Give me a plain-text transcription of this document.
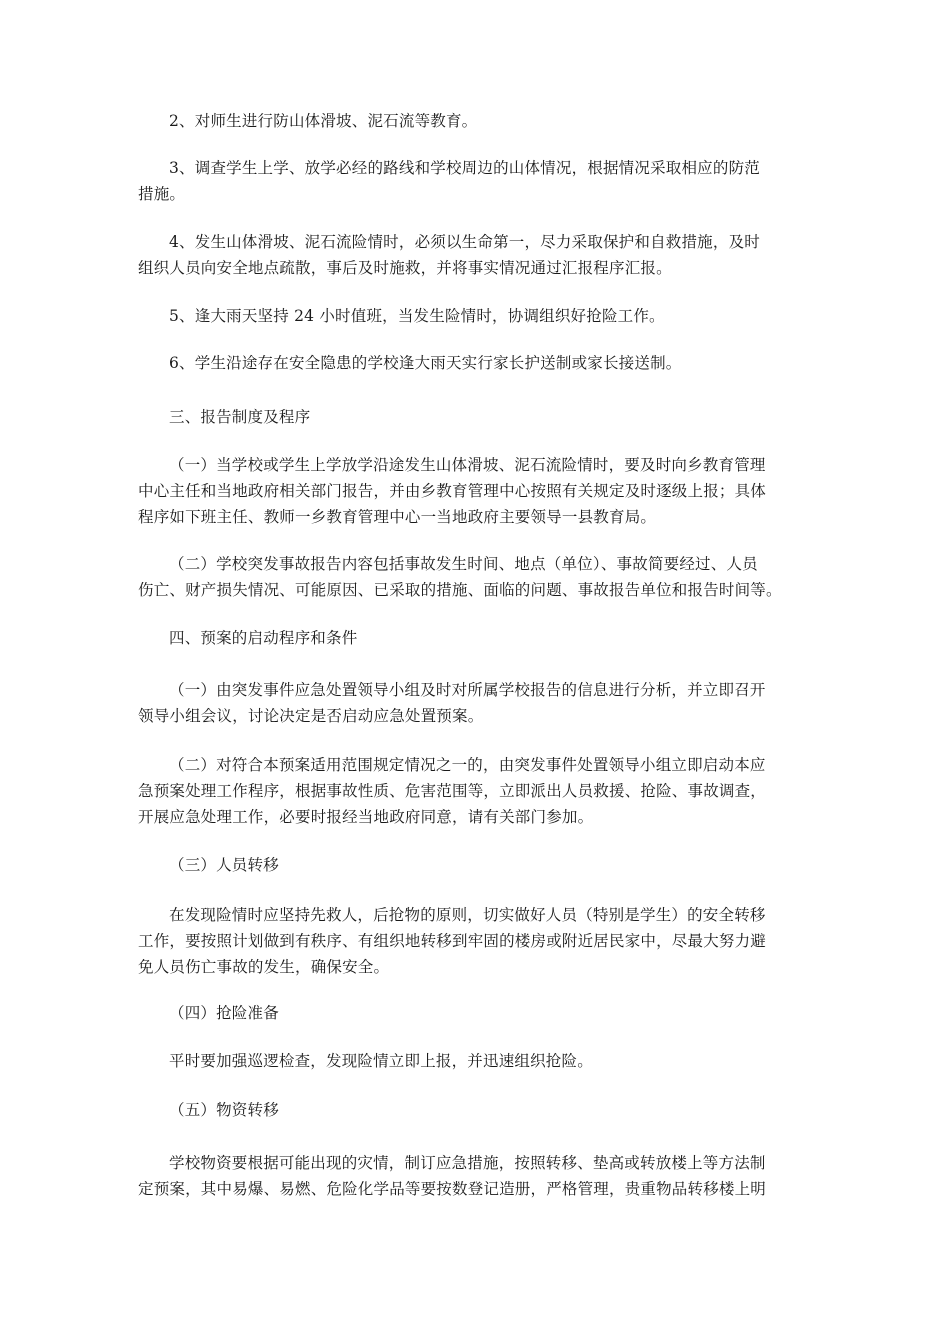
2、对师生进行防山体滑坡、泥石流等教育。

3、调查学生上学、放学必经的路线和学校周边的山体情况，根据情况采取相应的防范
措施。

4、发生山体滑坡、泥石流险情时，必须以生命第一，尽力采取保护和自救措施，及时
组织人员向安全地点疏散，事后及时施救，并将事实情况通过汇报程序汇报。

5、逢大雨天坚持 24 小时值班，当发生险情时，协调组织好抢险工作。

6、学生沿途存在安全隐患的学校逢大雨天实行家长护送制或家长接送制。

三、报告制度及程序

（一）当学校或学生上学放学沿途发生山体滑坡、泥石流险情时，要及时向乡教育管理
中心主任和当地政府相关部门报告，并由乡教育管理中心按照有关规定及时逐级上报；具体
程序如下班主任、教师一乡教育管理中心一当地政府主要领导一县教育局。

（二）学校突发事故报告内容包括事故发生时间、地点（单位）、事故简要经过、人员
伤亡、财产损失情况、可能原因、已采取的措施、面临的问题、事故报告单位和报告时间等。

四、预案的启动程序和条件

（一）由突发事件应急处置领导小组及时对所属学校报告的信息进行分析，并立即召开
领导小组会议，讨论决定是否启动应急处置预案。

（二）对符合本预案适用范围规定情况之一的，由突发事件处置领导小组立即启动本应
急预案处理工作程序，根据事故性质、危害范围等，立即派出人员救援、抢险、事故调查，
开展应急处理工作，必要时报经当地政府同意，请有关部门参加。

（三）人员转移

在发现险情时应坚持先救人，后抢物的原则，切实做好人员（特别是学生）的安全转移
工作，要按照计划做到有秩序、有组织地转移到牢固的楼房或附近居民家中，尽最大努力避
免人员伤亡事故的发生，确保安全。

（四）抢险准备

平时要加强巡逻检查，发现险情立即上报，并迅速组织抢险。

（五）物资转移

学校物资要根据可能出现的灾情，制订应急措施，按照转移、垫高或转放楼上等方法制
定预案，其中易爆、易燃、危险化学品等要按数登记造册，严格管理，贵重物品转移楼上明
